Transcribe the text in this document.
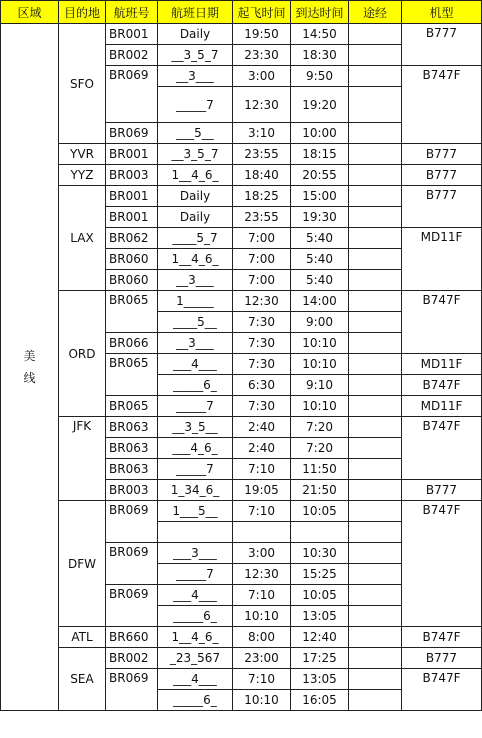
区域	目的地	航班号	航班日期	起飞时间	到达时间	途经	机型

美
线	SFO	BR001	Daily	19:50	14:50		B777
		BR002	__3_5_7	23:30	18:30		
		BR069	__3___	3:00	9:50		B747F
			_____7	12:30	19:20		
		BR069	___5__	3:10	10:00		
	YVR	BR001	__3_5_7	23:55	18:15		B777
	YYZ	BR003	1__4_6_	18:40	20:55		B777
	LAX	BR001	Daily	18:25	15:00		B777
		BR001	Daily	23:55	19:30		
		BR062	____5_7	7:00	5:40		MD11F
		BR060	1__4_6_	7:00	5:40		
		BR060	__3___	7:00	5:40		
	ORD	BR065	1_____	12:30	14:00		B747F
			____5__	7:30	9:00		
		BR066	__3___	7:30	10:10		
		BR065	___4___	7:30	10:10		MD11F
			_____6_	6:30	9:10		B747F
		BR065	_____7	7:30	10:10		MD11F
	JFK	BR063	__3_5__	2:40	7:20		B747F
		BR063	___4_6_	2:40	7:20		
		BR063	_____7	7:10	11:50		
		BR003	1_34_6_	19:05	21:50		B777
	DFW	BR069	1___5__	7:10	10:05		B747F

		BR069	___3___	3:00	10:30		
			_____7	12:30	15:25		
		BR069	___4___	7:10	10:05		
			_____6_	10:10	13:05		
	ATL	BR660	1__4_6_	8:00	12:40		B747F
	SEA	BR002	_23_567	23:00	17:25		B777
		BR069	___4___	7:10	13:05		B747F
			_____6_	10:10	16:05		
